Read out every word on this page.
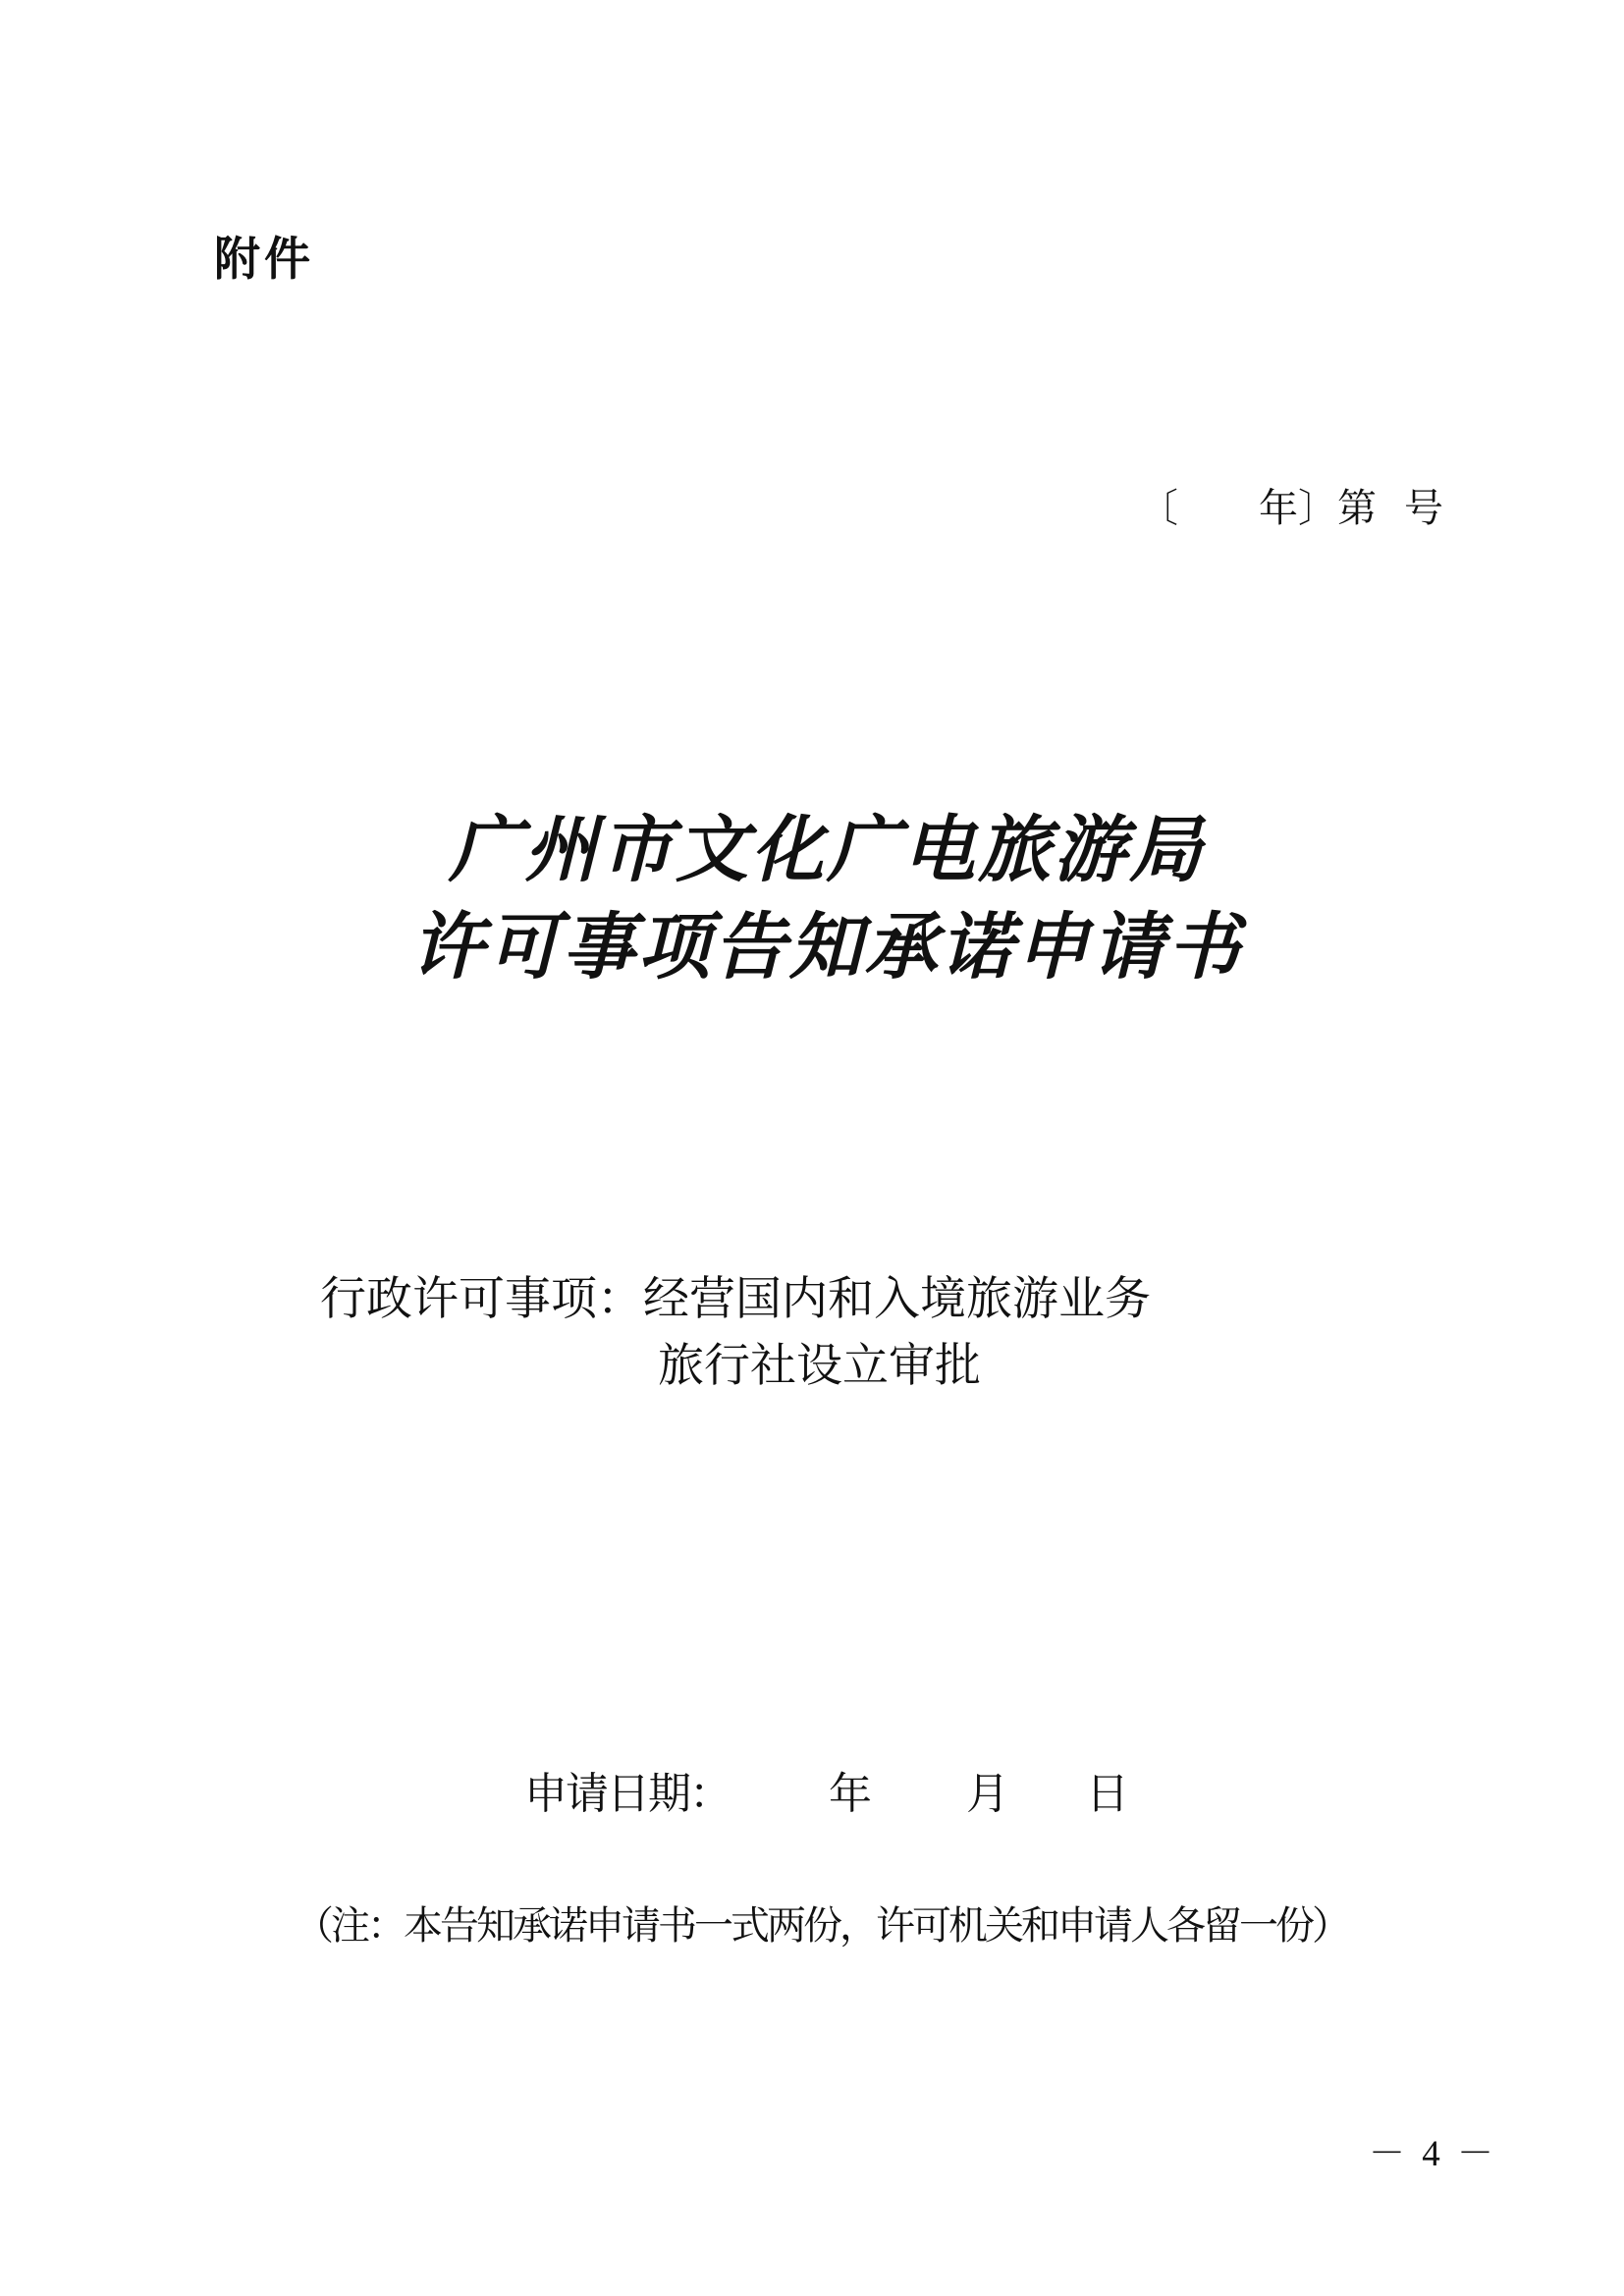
附件
〔 年〕第 号
广州市文化广电旅游局
许可事项告知承诺申请书
行政许可事项：经营国内和入境旅游业务
旅行社设立审批
申请日期： 年 月 日
（注：本告知承诺申请书一式两份，许可机关和申请人各留一份）
－ 4 －
